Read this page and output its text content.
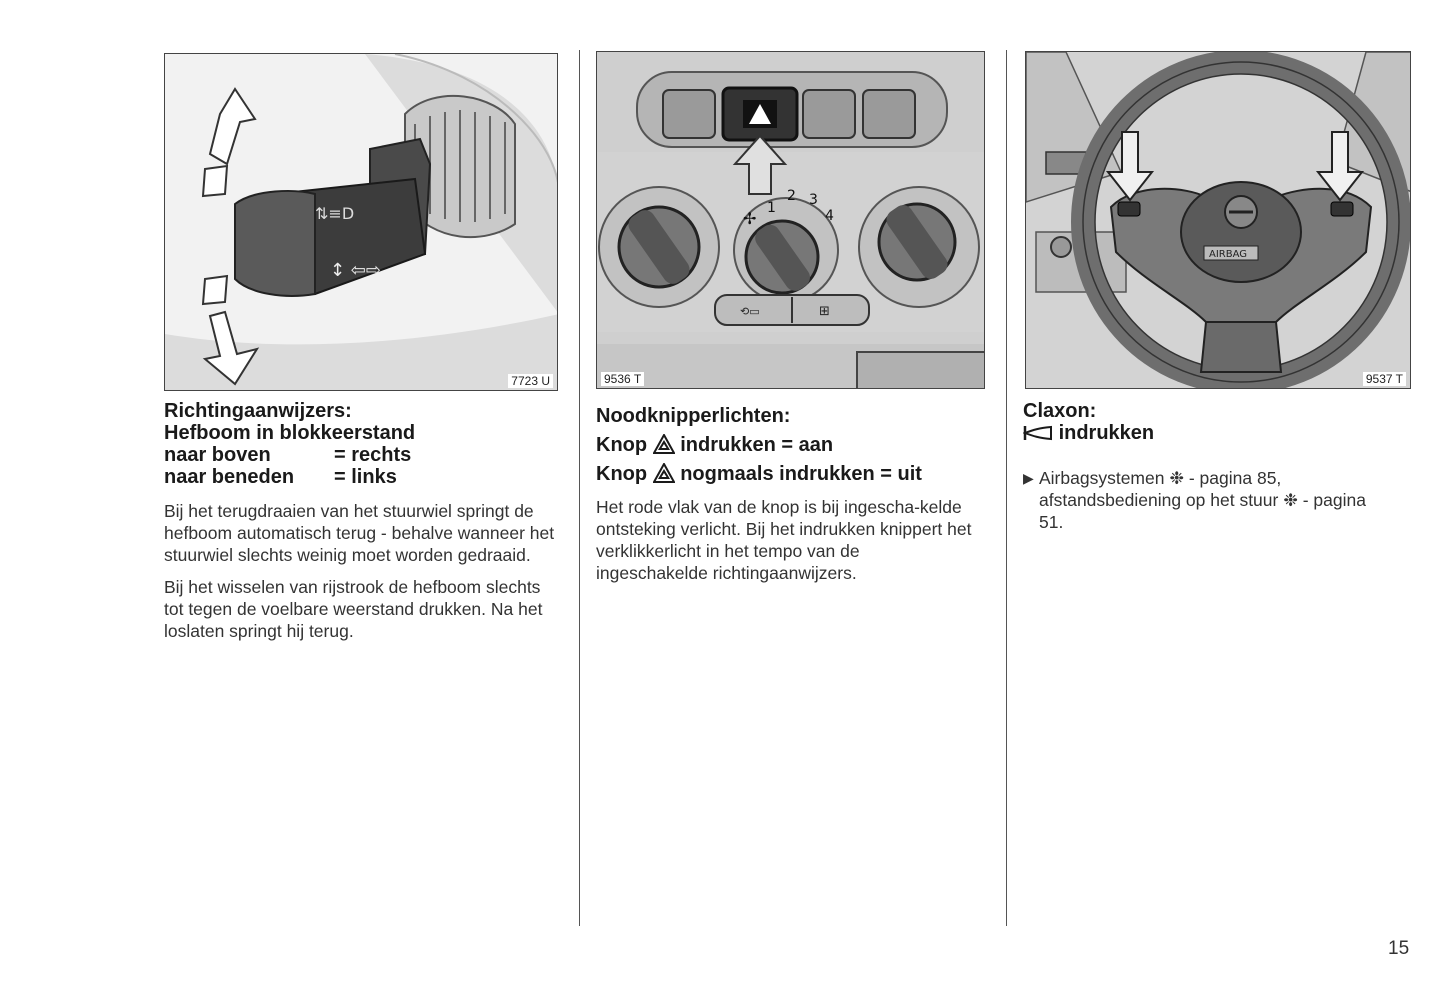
⇅≡D
↕ ⇦⇨
7723 U
Richtingaanwijzers:
Hefboom in blokkeerstand
naar boven	= rechts
naar beneden	= links

Bij het terugdraaien van het stuurwiel springt de hefboom automatisch terug - behalve wanneer het stuurwiel slechts weinig moet worden gedraaid.

Bij het wisselen van rijstrook de hefboom slechts tot tegen de voelbare weerstand drukken. Na het loslaten springt hij terug.

1
2 3
4
✢
⟲▭	⊞
9536 T
Noodknipperlichten:
Knop indrukken = aan
Knop nogmaals indrukken = uit

Het rode vlak van de knop is bij ingescha-kelde ontsteking verlicht. Bij het indrukken knippert het verklikkerlicht in het tempo van de ingeschakelde richtingaanwijzers.

AIRBAG
9537 T
Claxon:
indrukken
▶ Airbagsystemen ❉ - pagina 85,
afstandsbediening op het stuur ❉ - pagina
51.
15
